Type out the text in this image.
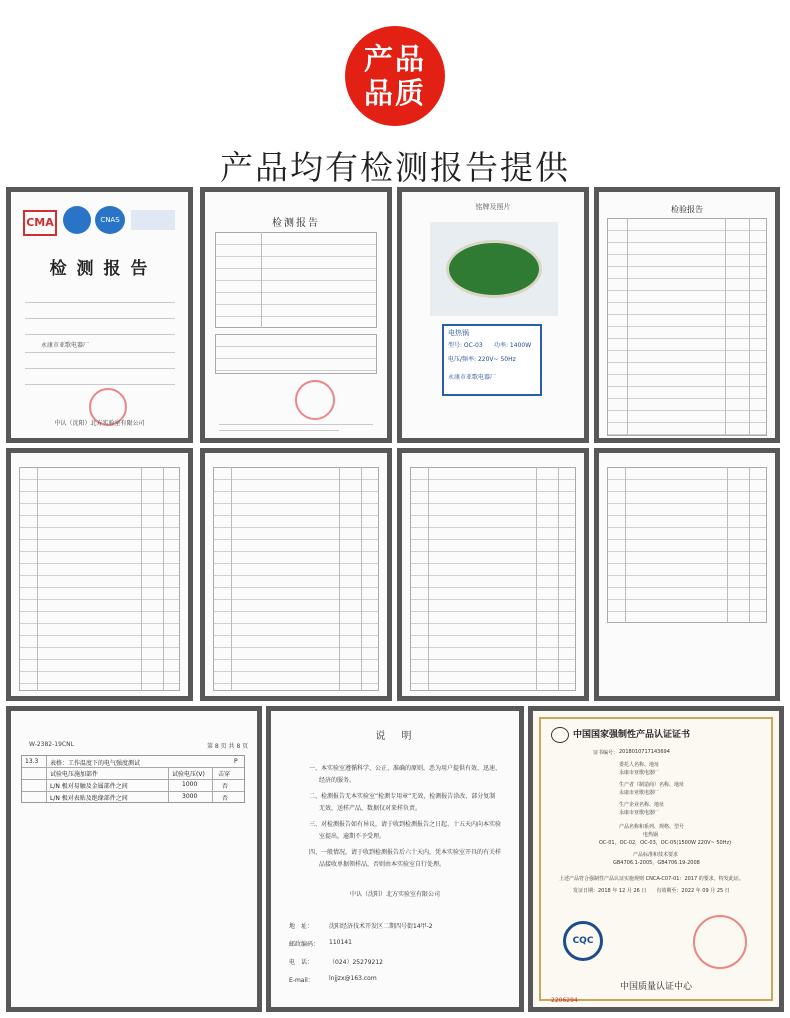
产品
品质
产品均有检测报告提供
CMA	CNAS
检 测 报 告
永康市亚歌电器厂
中认（沈阳）北方实验室有限公司
检测报告
铭牌及照片
电热锅
型号: OC-03 功率: 1400W
电压/频率: 220V~ 50Hz
永康市亚歌电器厂
检验报告
W-2382-19CNL	第 8 页 共 8 页
13.3 表格：工作温度下的电气强度测试	P
试验电压施加部件	试验电压(V) 击穿
L/N 极对易触及金属部件之间	1000	否
L/N 极对表贴及绝缘部件之间	3000	否
说　明
一、本实验室遵循科学、公正、准确的原则，恶为用户提供有效、迅速、
经济的服务。
二、检测报告无本实验室“检测专用章”无效，检测报告涂改、部分复制
无效，送样产品，数据仅对来样负责。
三、对检测报告如有异议，请于收到检测报告之日起、十五天内向本实验
室提出，逾期不予受理。
四、一般情况，请于收到检测报告后六十天内，凭本实验室开具的有关样
品接收单据领样品，否则由本实验室自行处理。
中认（沈阳）北方实验室有限公司
地　址：	沈阳经济技术开发区二期四号街14甲-2
邮政编码： 110141
电　话：	（024）25279212
E-mail：	lnjjzx@163.com
中国国家强制性产品认证证书
证书编号： 2018010717143694
委托人名称、地址
永康市亚歌电器厂
生产者（制造商）名称、地址
永康市亚歌电器厂
生产企业名称、地址
永康市亚歌电器厂
产品名称和系列、规格、型号
电热锅
OC-01，OC-02，OC-03，OC-05(1500W 220V~ 50Hz)
产品标准和技术要求
GB4706.1-2005，GB4706.19-2008
上述产品符合强制性产品认证实施规则 CNCA-C07-01：2017 的要求，特发此证。
发证日期：2018 年 12 月 26 日　　有效期至：2022 年 09 月 25 日
CQC
中国质量认证中心
2206294
